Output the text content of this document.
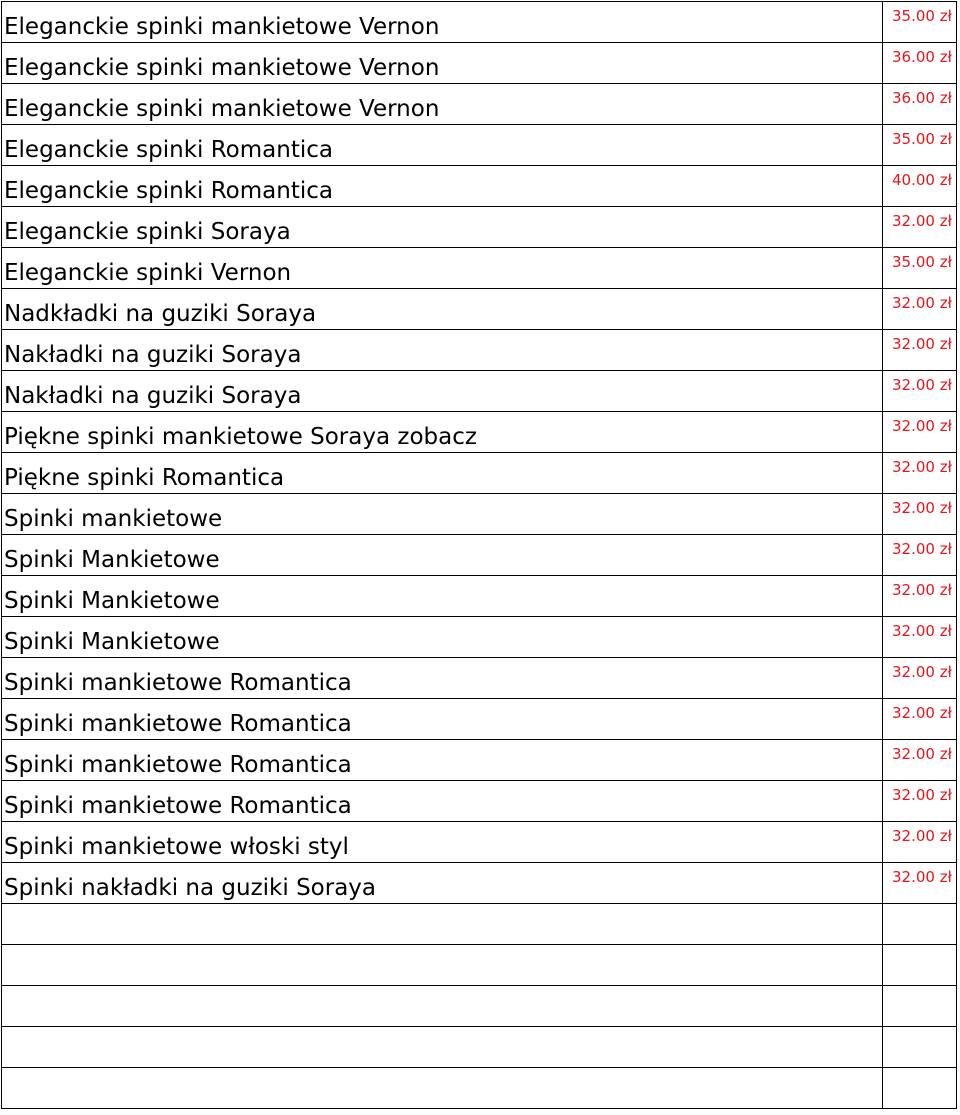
Eleganckie spinki mankietowe Vernon	35.00 zł
Eleganckie spinki mankietowe Vernon	36.00 zł
Eleganckie spinki mankietowe Vernon	36.00 zł
Eleganckie spinki Romantica	35.00 zł
Eleganckie spinki Romantica	40.00 zł
Eleganckie spinki Soraya	32.00 zł
Eleganckie spinki Vernon	35.00 zł
Nadkładki na guziki Soraya	32.00 zł
Nakładki na guziki Soraya	32.00 zł
Nakładki na guziki Soraya	32.00 zł
Piękne spinki mankietowe Soraya zobacz	32.00 zł
Piękne spinki Romantica	32.00 zł
Spinki mankietowe	32.00 zł
Spinki Mankietowe	32.00 zł
Spinki Mankietowe	32.00 zł
Spinki Mankietowe	32.00 zł
Spinki mankietowe Romantica	32.00 zł
Spinki mankietowe Romantica	32.00 zł
Spinki mankietowe Romantica	32.00 zł
Spinki mankietowe Romantica	32.00 zł
Spinki mankietowe włoski styl	32.00 zł
Spinki nakładki na guziki Soraya	32.00 zł
